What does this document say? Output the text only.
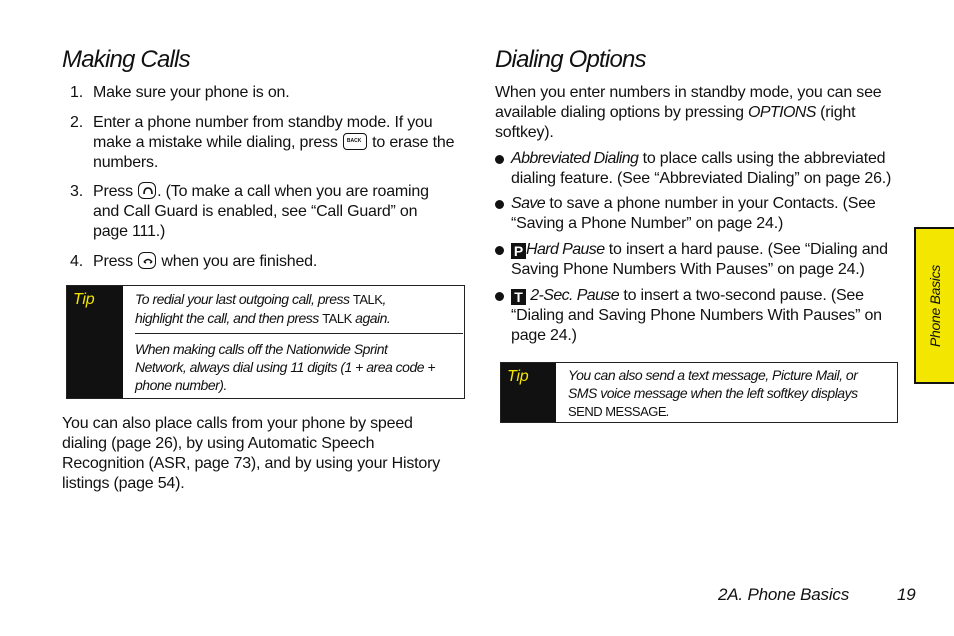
Making Calls
1. Make sure your phone is on.
2. Enter a phone number from standby mode. If you
make a mistake while dialing, press BACK to erase the
numbers.
3. Press . (To make a call when you are roaming
and Call Guard is enabled, see “Call Guard” on
page 111.)
4. Press when you are finished.
Tip	To redial your last outgoing call, press TALK,
highlight the call, and then press TALK again.
When making calls off the Nationwide Sprint
Network, always dial using 11 digits (1 + area code +
phone number).
You can also place calls from your phone by speed
dialing (page 26), by using Automatic Speech
Recognition (ASR, page 73), and by using your History
listings (page 54).
Dialing Options
When you enter numbers in standby mode, you can see
available dialing options by pressing OPTIONS (right
softkey).
Abbreviated Dialing to place calls using the abbreviated
dialing feature. (See “Abbreviated Dialing” on page 26.)
Save to save a phone number in your Contacts. (See
“Saving a Phone Number” on page 24.)
P Hard Pause to insert a hard pause. (See “Dialing and
Saving Phone Numbers With Pauses” on page 24.)
T 2-Sec. Pause to insert a two-second pause. (See
“Dialing and Saving Phone Numbers With Pauses” on
page 24.)
Tip	You can also send a text message, Picture Mail, or
SMS voice message when the left softkey displays
SEND MESSAGE.
Phone Basics
2A. Phone Basics	19
